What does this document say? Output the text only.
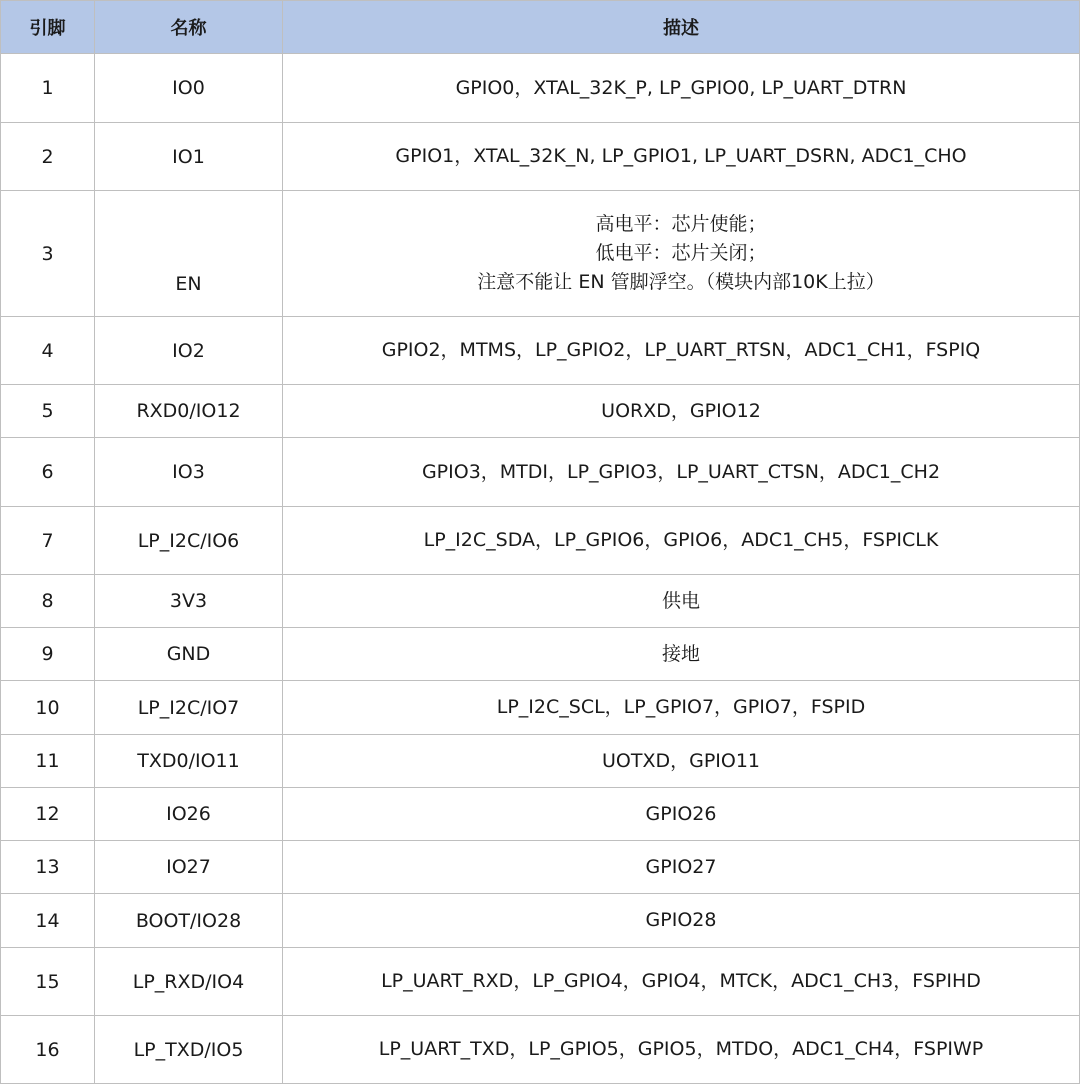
引脚	名称	描述
1	IO0	GPIO0，XTAL_32K_P, LP_GPIO0, LP_UART_DTRN

2	IO1	GPIO1，XTAL_32K_N, LP_GPIO1, LP_UART_DSRN, ADC1_CHO

3	EN	高电平：芯片使能；
低电平：芯片关闭；
注意不能让 EN 管脚浮空。（模块内部10K上拉）

4	IO2	GPIO2，MTMS，LP_GPIO2，LP_UART_RTSN，ADC1_CH1，FSPIQ

5	RXD0/IO12	UORXD，GPIO12

6	IO3	GPIO3，MTDI，LP_GPIO3，LP_UART_CTSN，ADC1_CH2

7	LP_I2C/IO6	LP_I2C_SDA，LP_GPIO6，GPIO6，ADC1_CH5，FSPICLK

8	3V3	供电

9	GND	接地

10	LP_I2C/IO7	LP_I2C_SCL，LP_GPIO7，GPIO7，FSPID

11	TXD0/IO11	UOTXD，GPIO11

12	IO26	GPIO26

13	IO27	GPIO27

14	BOOT/IO28	GPIO28

15	LP_RXD/IO4	LP_UART_RXD，LP_GPIO4，GPIO4，MTCK，ADC1_CH3，FSPIHD

16	LP_TXD/IO5	LP_UART_TXD，LP_GPIO5，GPIO5，MTDO，ADC1_CH4，FSPIWP
